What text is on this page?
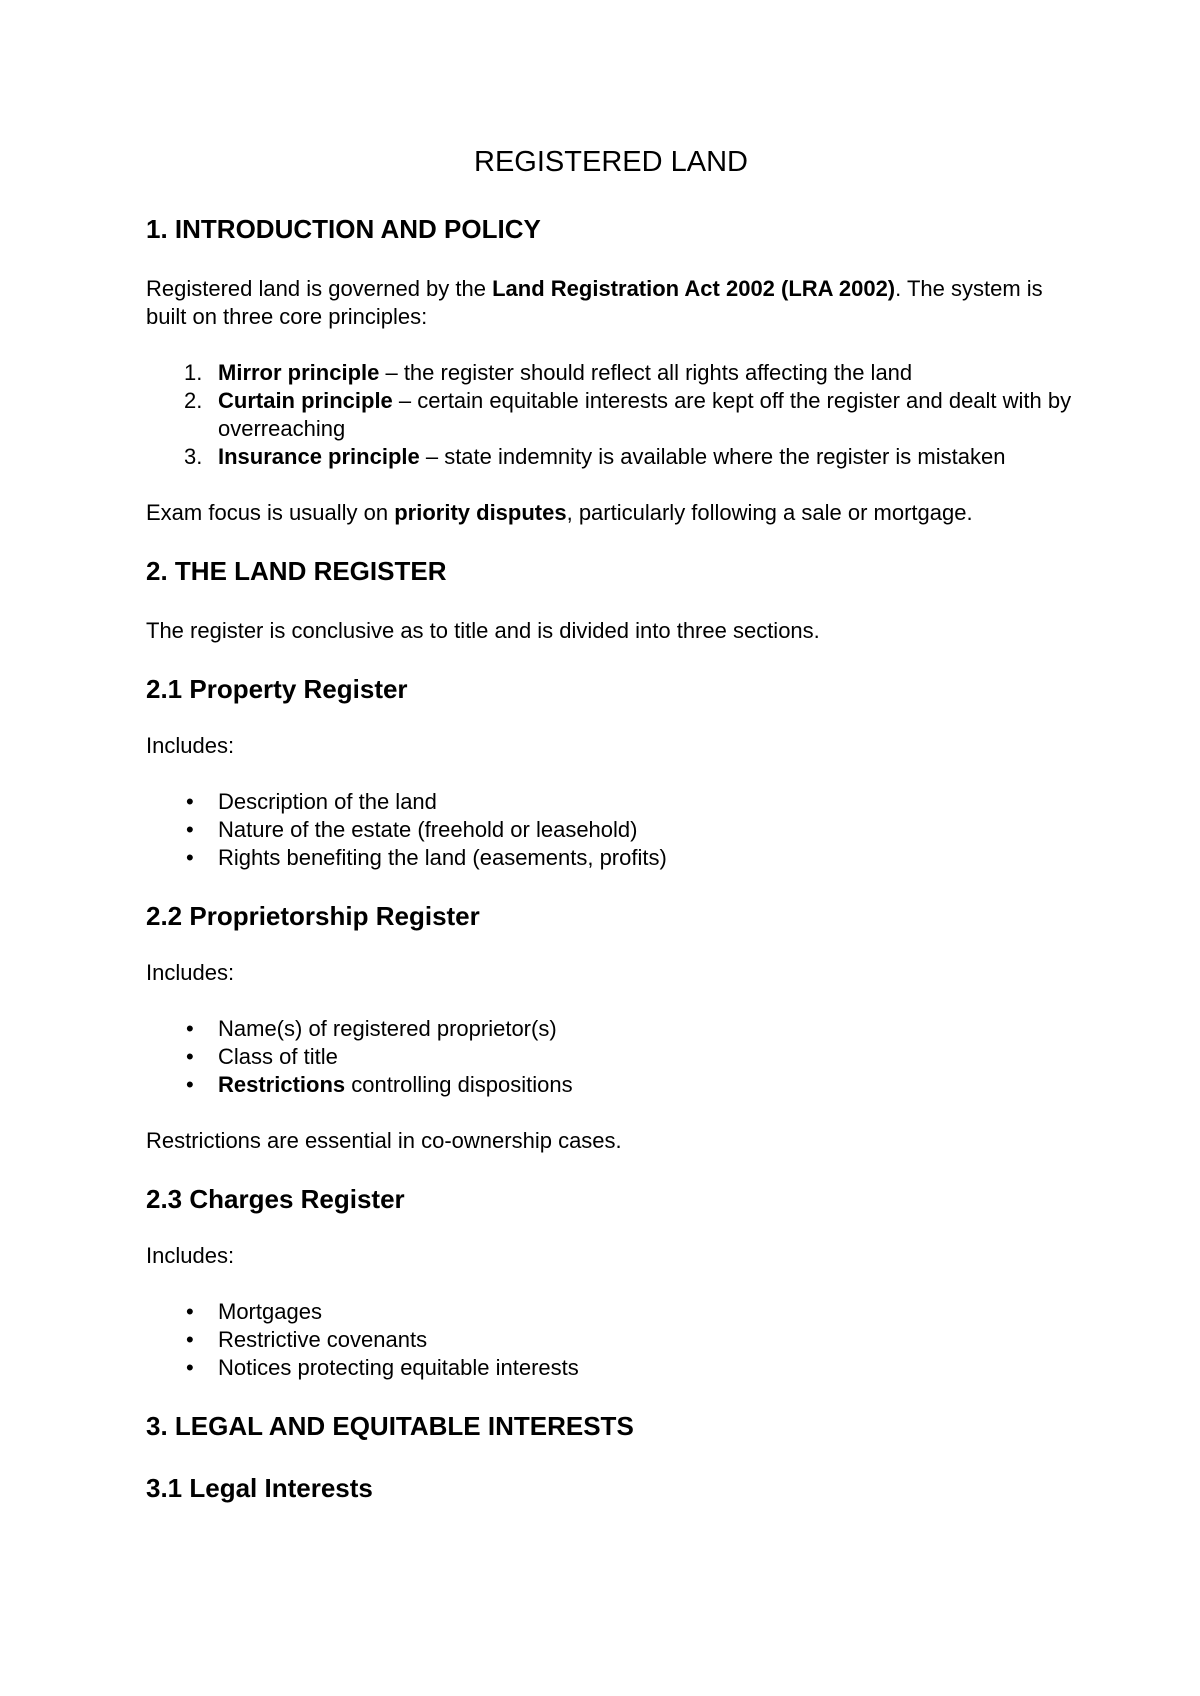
REGISTERED LAND
1. INTRODUCTION AND POLICY

Registered land is governed by the Land Registration Act 2002 (LRA 2002). The system is built on three core principles:

1. Mirror principle – the register should reflect all rights affecting the land
2. Curtain principle – certain equitable interests are kept off the register and dealt with by overreaching
3. Insurance principle – state indemnity is available where the register is mistaken

Exam focus is usually on priority disputes, particularly following a sale or mortgage.

2. THE LAND REGISTER

The register is conclusive as to title and is divided into three sections.

2.1 Property Register

Includes:

• Description of the land
• Nature of the estate (freehold or leasehold)
• Rights benefiting the land (easements, profits)
2.2 Proprietorship Register

Includes:

• Name(s) of registered proprietor(s)
• Class of title
• Restrictions controlling dispositions

Restrictions are essential in co-ownership cases.

2.3 Charges Register

Includes:

• Mortgages
• Restrictive covenants
• Notices protecting equitable interests
3. LEGAL AND EQUITABLE INTERESTS
3.1 Legal Interests
